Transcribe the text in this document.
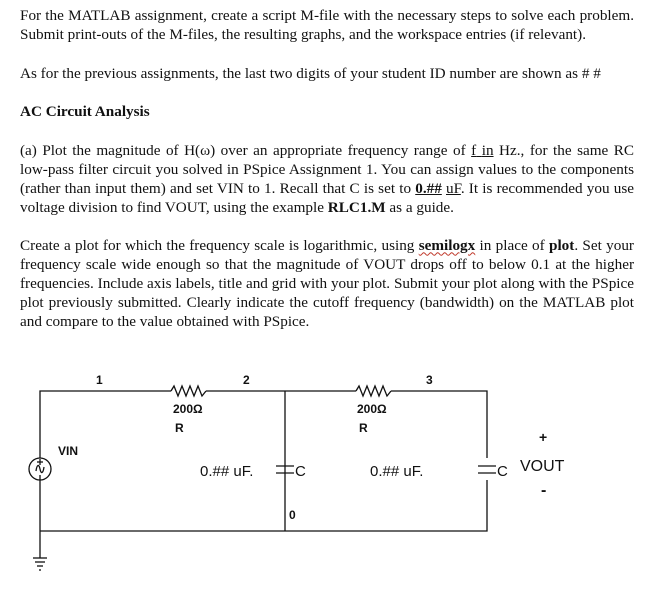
For the MATLAB assignment, create a script M-file with the necessary steps to solve each problem. Submit print-outs of the M-files, the resulting graphs, and the workspace entries (if relevant).

As for the previous assignments, the last two digits of your student ID number are shown as # #

AC Circuit Analysis

(a) Plot the magnitude of H(ω) over an appropriate frequency range of f in Hz., for the same RC low-pass filter circuit you solved in PSpice Assignment 1. You can assign values to the components (rather than input them) and set VIN to 1. Recall that C is set to 0.## uF. It is recommended you use voltage division to find VOUT, using the example RLC1.M as a guide.

Create a plot for which the frequency scale is logarithmic, using semilogx in place of plot. Set your frequency scale wide enough so that the magnitude of VOUT drops off to below 0.1 at the higher frequencies. Include axis labels, title and grid with your plot. Submit your plot along with the PSpice plot previously submitted. Clearly indicate the cutoff frequency (bandwidth) on the MATLAB plot and compare to the value obtained with PSpice.

1	2	3
0
200Ω
R
200Ω
R
0.## uF.	C	0.## uF.	C
VIN
+
VOUT
-
